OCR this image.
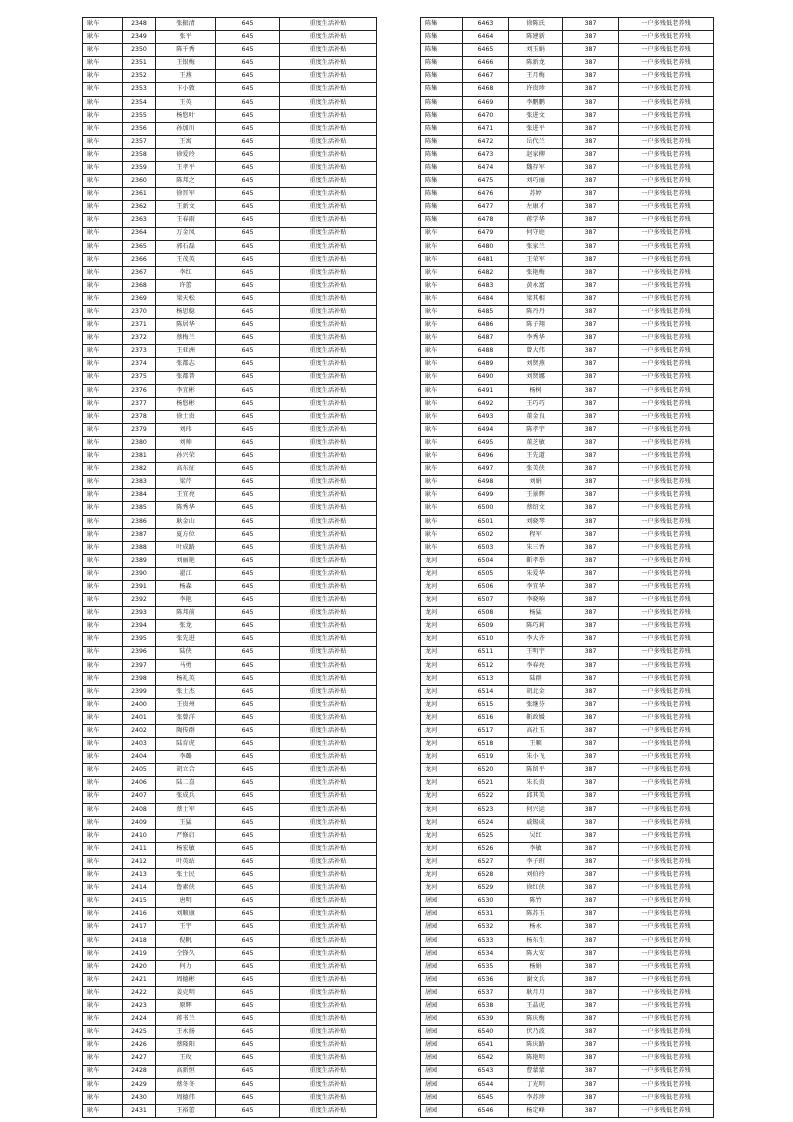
耿车	2348	张振清	645	重度生活补贴
耿车	2349	张平	645	重度生活补贴
耿车	2350	陈千秀	645	重度生活补贴
耿车	2351	王银梅	645	重度生活补贴
耿车	2352	王燕	645	重度生活补贴
耿车	2353	卞小敦	645	重度生活补贴
耿车	2354	王英	645	重度生活补贴
耿车	2355	杨悠叶	645	重度生活补贴
耿车	2356	孙加川	645	重度生活补贴
耿车	2357	王寓	645	重度生活补贴
耿车	2358	徐爱玲	645	重度生活补贴
耿车	2359	王孝平	645	重度生活补贴
耿车	2360	陈邦之	645	重度生活补贴
耿车	2361	徐晋军	645	重度生活补贴
耿车	2362	王新文	645	重度生活补贴
耿车	2363	王春雨	645	重度生活补贴
耿车	2364	万金凤	645	重度生活补贴
耿车	2365	郭石磊	645	重度生活补贴
耿车	2366	王茂英	645	重度生活补贴
耿车	2367	李红	645	重度生活补贴
耿车	2368	许蕾	645	重度生活补贴
耿车	2369	梁天松	645	重度生活补贴
耿车	2370	杨思稳	645	重度生活补贴
耿车	2371	陈居华	645	重度生活补贴
耿车	2372	蔡梅兰	645	重度生活补贴
耿车	2373	王亚洲	645	重度生活补贴
耿车	2374	张都志	645	重度生活补贴
耿车	2375	张都普	645	重度生活补贴
耿车	2376	李宜彬	645	重度生活补贴
耿车	2377	杨悠彬	645	重度生活补贴
耿车	2378	徐士贵	645	重度生活补贴
耿车	2379	刘玮	645	重度生活补贴
耿车	2380	刘帅	645	重度生活补贴
耿车	2381	孙兴荣	645	重度生活补贴
耿车	2382	高东征	645	重度生活补贴
耿车	2383	梁芹	645	重度生活补贴
耿车	2384	王宜亮	645	重度生活补贴
耿车	2385	陈秀华	645	重度生活补贴
耿车	2386	耿金山	645	重度生活补贴
耿车	2387	夏方位	645	重度生活补贴
耿车	2388	叶成路	645	重度生活补贴
耿车	2389	刘丽艳	645	重度生活补贴
耿车	2390	翟江	645	重度生活补贴
耿车	2391	杨森	645	重度生活补贴
耿车	2392	李艳	645	重度生活补贴
耿车	2393	陈邦前	645	重度生活补贴
耿车	2394	张龙	645	重度生活补贴
耿车	2395	张先进	645	重度生活补贴
耿车	2396	陆侠	645	重度生活补贴
耿车	2397	马勇	645	重度生活补贴
耿车	2398	杨礼英	645	重度生活补贴
耿车	2399	张士杰	645	重度生活补贴
耿车	2400	王贵州	645	重度生活补贴
耿车	2401	张曾洋	645	重度生活补贴
耿车	2402	陶传群	645	重度生活补贴
耿车	2403	陆育虎	645	重度生活补贴
耿车	2404	李璐	645	重度生活补贴
耿车	2405	胡立合	645	重度生活补贴
耿车	2406	陆二喜	645	重度生活补贴
耿车	2407	张成兵	645	重度生活补贴
耿车	2408	蔡士军	645	重度生活补贴
耿车	2409	王猛	645	重度生活补贴
耿车	2410	严修启	645	重度生活补贴
耿车	2411	杨宏敏	645	重度生活补贴
耿车	2412	叶英站	645	重度生活补贴
耿车	2413	张士民	645	重度生活补贴
耿车	2414	鲁素侠	645	重度生活补贴
耿车	2415	唐明	645	重度生活补贴
耿车	2416	刘顺康	645	重度生活补贴
耿车	2417	王宇	645	重度生活补贴
耿车	2418	倪帆	645	重度生活补贴
耿车	2419	仝锋久	645	重度生活补贴
耿车	2420	何力	645	重度生活补贴
耿车	2421	周德彬	645	重度生活补贴
耿车	2422	姜克明	645	重度生活补贴
耿车	2423	原辉	645	重度生活补贴
耿车	2424	蒋书兰	645	重度生活补贴
耿车	2425	王永扬	645	重度生活补贴
耿车	2426	蔡隆阳	645	重度生活补贴
耿车	2427	王玫	645	重度生活补贴
耿车	2428	高新恒	645	重度生活补贴
耿车	2429	蔡冬冬	645	重度生活补贴
耿车	2430	周德伟	645	重度生活补贴
耿车	2431	王裕蕾	645	重度生活补贴
陈集	6463	徐陈氏	387	一户多残低老养残
陈集	6464	陈建新	387	一户多残低老养残
陈集	6465	刘玉娟	387	一户多残低老养残
陈集	6466	陈新龙	387	一户多残低老养残
陈集	6467	王月梅	387	一户多残低老养残
陈集	6468	许贵珍	387	一户多残低老养残
陈集	6469	李鹏鹏	387	一户多残低老养残
陈集	6470	张进文	387	一户多残低老养残
陈集	6471	张进平	387	一户多残低老养残
陈集	6472	岳代兰	387	一户多残低老养残
陈集	6473	赵家柳	387	一户多残低老养残
陈集	6474	魏存军	387	一户多残低老养残
陈集	6475	刘巧丽	387	一户多残低老养残
陈集	6476	苏婷	387	一户多残低老养残
陈集	6477	左康才	387	一户多残低老养残
陈集	6478	蒋学华	387	一户多残低老养残
耿车	6479	何守庭	387	一户多残低老养残
耿车	6480	张家兰	387	一户多残低老养残
耿车	6481	王荣军	387	一户多残低老养残
耿车	6482	张艳梅	387	一户多残低老养残
耿车	6483	黄永富	387	一户多残低老养残
耿车	6484	梁其相	387	一户多残低老养残
耿车	6485	陈丹丹	387	一户多残低老养残
耿车	6486	陈子翔	387	一户多残低老养残
耿车	6487	李秀华	387	一户多残低老养残
耿车	6488	曾大伟	387	一户多残低老养残
耿车	6489	刘贤燕	387	一户多残低老养残
耿车	6490	刘贤娜	387	一户多残低老养残
耿车	6491	杨树	387	一户多残低老养残
耿车	6492	王巧巧	387	一户多残低老养残
耿车	6493	董金良	387	一户多残低老养残
耿车	6494	陈孝宇	387	一户多残低老养残
耿车	6495	董芝敏	387	一户多残低老养残
耿车	6496	王先道	387	一户多残低老养残
耿车	6497	张美侠	387	一户多残低老养残
耿车	6498	刘娟	387	一户多残低老养残
耿车	6499	王景辉	387	一户多残低老养残
耿车	6500	蔡绍文	387	一户多残低老养残
耿车	6501	刘晓琴	387	一户多残低老养残
耿车	6502	程军	387	一户多残低老养残
耿车	6503	朱三香	387	一户多残低老养残
龙河	6504	靳孝举	387	一户多残低老养残
龙河	6505	朱爱华	387	一户多残低老养残
龙河	6506	李宜华	387	一户多残低老养残
龙河	6507	李晓响	387	一户多残低老养残
龙河	6508	杨猛	387	一户多残低老养残
龙河	6509	陈巧莉	387	一户多残低老养残
龙河	6510	李大齐	387	一户多残低老养残
龙河	6511	王明宇	387	一户多残低老养残
龙河	6512	李春亮	387	一户多残低老养残
龙河	6513	陆群	387	一户多残低老养残
龙河	6514	胡北金	387	一户多残低老养残
龙河	6515	张继芬	387	一户多残低老养残
龙河	6516	靳政媛	387	一户多残低老养残
龙河	6517	高社玉	387	一户多残低老养残
龙河	6518	王顺	387	一户多残低老养残
龙河	6519	朱小飞	387	一户多残低老养残
龙河	6520	陈留平	387	一户多残低老养残
龙河	6521	朱长贵	387	一户多残低老养残
龙河	6522	邱其美	387	一户多残低老养残
龙河	6523	何兴运	387	一户多残低老养残
龙河	6524	戚锡成	387	一户多残低老养残
龙河	6525	吴红	387	一户多残低老养残
龙河	6526	李敏	387	一户多残低老养残
龙河	6527	李子班	387	一户多残低老养残
龙河	6528	刘伯玲	387	一户多残低老养残
龙河	6529	徐红侠	387	一户多残低老养残
屠园	6530	陈竹	387	一户多残低老养残
屠园	6531	陈苏玉	387	一户多残低老养残
屠园	6532	杨永	387	一户多残低老养残
屠园	6533	杨东生	387	一户多残低老养残
屠园	6534	陈大安	387	一户多残低老养残
屠园	6535	杨娟	387	一户多残低老养残
屠园	6536	谢文兵	387	一户多残低老养残
屠园	6537	耿月月	387	一户多残低老养残
屠园	6538	王晶虎	387	一户多残低老养残
屠园	6539	陈庆梅	387	一户多残低老养残
屠园	6540	伏乃波	387	一户多残低老养残
屠园	6541	陈庆路	387	一户多残低老养残
屠园	6542	陈艳明	387	一户多残低老养残
屠园	6543	曹蒙蒙	387	一户多残低老养残
屠园	6544	丁光明	387	一户多残低老养残
屠园	6545	李苏珍	387	一户多残低老养残
屠园	6546	杨定峰	387	一户多残低老养残
